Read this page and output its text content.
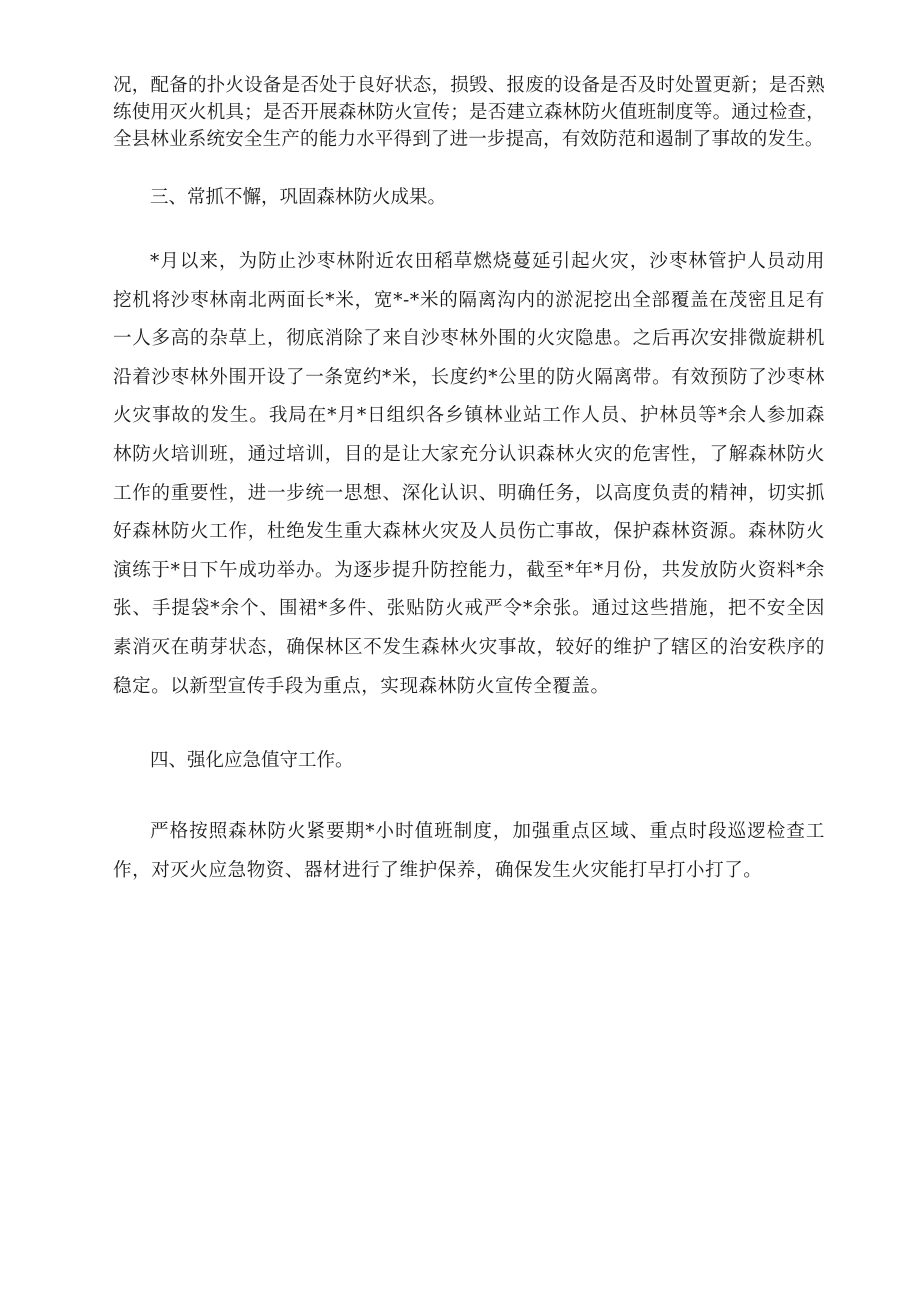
况，配备的扑火设备是否处于良好状态，损毁、报废的设备是否及时处置更新；是否熟练使用灭火机具；是否开展森林防火宣传；是否建立森林防火值班制度等。通过检查，全县林业系统安全生产的能力水平得到了进一步提高，有效防范和遏制了事故的发生。

三、常抓不懈，巩固森林防火成果。

*月以来，为防止沙枣林附近农田稻草燃烧蔓延引起火灾，沙枣林管护人员动用挖机将沙枣林南北两面长*米，宽*-*米的隔离沟内的淤泥挖出全部覆盖在茂密且足有一人多高的杂草上，彻底消除了来自沙枣林外围的火灾隐患。之后再次安排微旋耕机沿着沙枣林外围开设了一条宽约*米，长度约*公里的防火隔离带。有效预防了沙枣林火灾事故的发生。我局在*月*日组织各乡镇林业站工作人员、护林员等*余人参加森林防火培训班，通过培训，目的是让大家充分认识森林火灾的危害性，了解森林防火工作的重要性，进一步统一思想、深化认识、明确任务，以高度负责的精神，切实抓好森林防火工作，杜绝发生重大森林火灾及人员伤亡事故，保护森林资源。森林防火演练于*日下午成功举办。为逐步提升防控能力，截至*年*月份，共发放防火资料*余张、手提袋*余个、围裙*多件、张贴防火戒严令*余张。通过这些措施，把不安全因素消灭在萌芽状态，确保林区不发生森林火灾事故，较好的维护了辖区的治安秩序的稳定。以新型宣传手段为重点，实现森林防火宣传全覆盖。

四、强化应急值守工作。

严格按照森林防火紧要期*小时值班制度，加强重点区域、重点时段巡逻检查工作，对灭火应急物资、器材进行了维护保养，确保发生火灾能打早打小打了。
